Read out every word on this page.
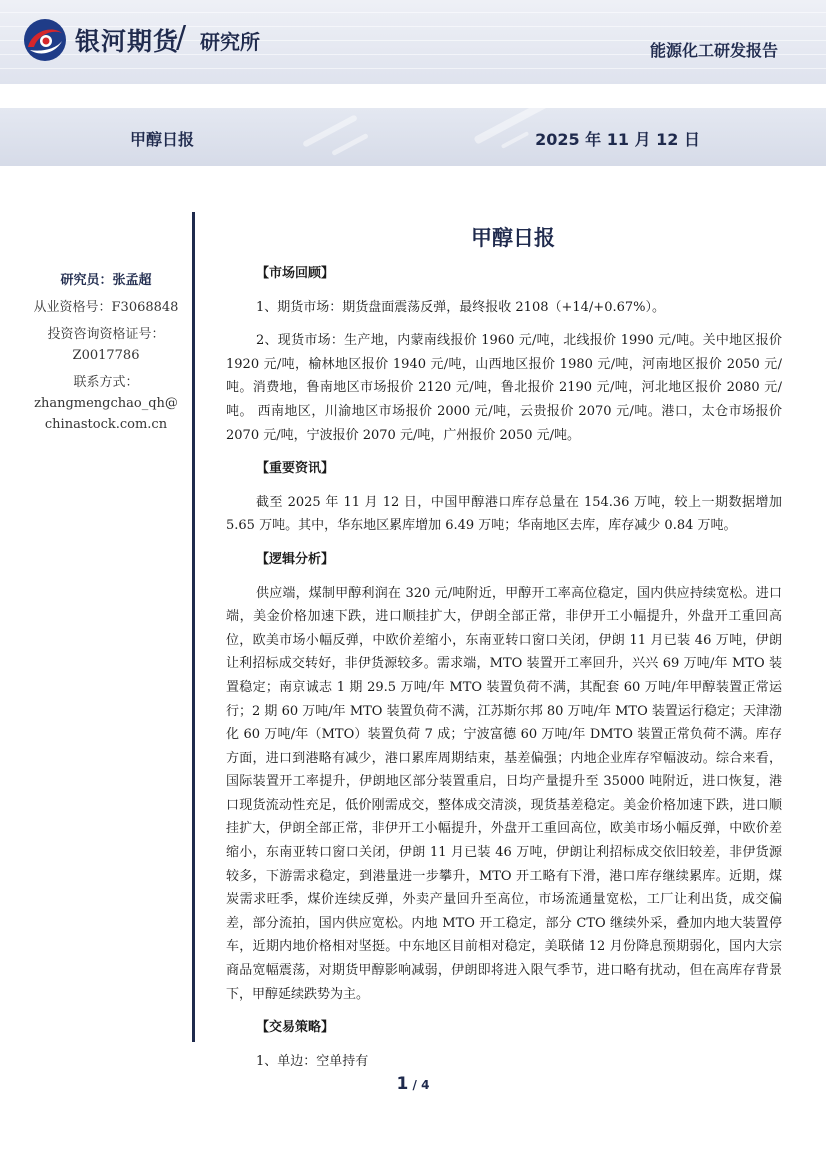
银河期货
/ 研究所	能源化工研发报告
甲醇日报	2025 年 11 月 12 日
研究员：张孟超
从业资格号：F3068848
投资咨询资格证号：
Z0017786
联系方式：
zhangmengchao_qh@
chinastock.com.cn
甲醇日报
【市场回顾】

1、期货市场：期货盘面震荡反弹，最终报收 2108（+14/+0.67%）。

2、现货市场：生产地，内蒙南线报价 1960 元/吨，北线报价 1990 元/吨。关中地区报价 1920 元/吨，榆林地区报价 1940 元/吨，山西地区报价 1980 元/吨，河南地区报价 2050 元/吨。消费地，鲁南地区市场报价 2120 元/吨，鲁北报价 2190 元/吨，河北地区报价 2080 元/吨。 西南地区，川渝地区市场报价 2000 元/吨，云贵报价 2070 元/吨。港口，太仓市场报价 2070 元/吨，宁波报价 2070 元/吨，广州报价 2050 元/吨。

【重要资讯】

截至 2025 年 11 月 12 日，中国甲醇港口库存总量在 154.36 万吨，较上一期数据增加 5.65 万吨。其中，华东地区累库增加 6.49 万吨；华南地区去库，库存减少 0.84 万吨。

【逻辑分析】

供应端，煤制甲醇利润在 320 元/吨附近，甲醇开工率高位稳定，国内供应持续宽松。进口端，美金价格加速下跌，进口顺挂扩大，伊朗全部正常，非伊开工小幅提升，外盘开工重回高位，欧美市场小幅反弹，中欧价差缩小，东南亚转口窗口关闭，伊朗 11 月已装 46 万吨，伊朗让利招标成交转好，非伊货源较多。需求端，MTO 装置开工率回升，兴兴 69 万吨/年 MTO 装置稳定；南京诚志 1 期 29.5 万吨/年 MTO 装置负荷不满，其配套 60 万吨/年甲醇装置正常运行；2 期 60 万吨/年 MTO 装置负荷不满，江苏斯尔邦 80 万吨/年 MTO 装置运行稳定；天津渤化 60 万吨/年（MTO）装置负荷 7 成；宁波富德 60 万吨/年 DMTO 装置正常负荷不满。库存方面，进口到港略有减少，港口累库周期结束，基差偏强；内地企业库存窄幅波动。综合来看，国际装置开工率提升，伊朗地区部分装置重启，日均产量提升至 35000 吨附近，进口恢复，港口现货流动性充足，低价刚需成交，整体成交清淡，现货基差稳定。美金价格加速下跌，进口顺挂扩大，伊朗全部正常，非伊开工小幅提升，外盘开工重回高位，欧美市场小幅反弹，中欧价差缩小，东南亚转口窗口关闭，伊朗 11 月已装 46 万吨，伊朗让利招标成交依旧较差，非伊货源较多，下游需求稳定，到港量进一步攀升，MTO 开工略有下滑，港口库存继续累库。近期，煤炭需求旺季，煤价连续反弹，外卖产量回升至高位，市场流通量宽松，工厂让利出货，成交偏差，部分流拍，国内供应宽松。内地 MTO 开工稳定，部分 CTO 继续外采，叠加内地大装置停车，近期内地价格相对坚挺。中东地区目前相对稳定，美联储 12 月份降息预期弱化，国内大宗商品宽幅震荡，对期货甲醇影响减弱，伊朗即将进入限气季节，进口略有扰动，但在高库存背景下，甲醇延续跌势为主。

【交易策略】

1、单边：空单持有

1 / 4
